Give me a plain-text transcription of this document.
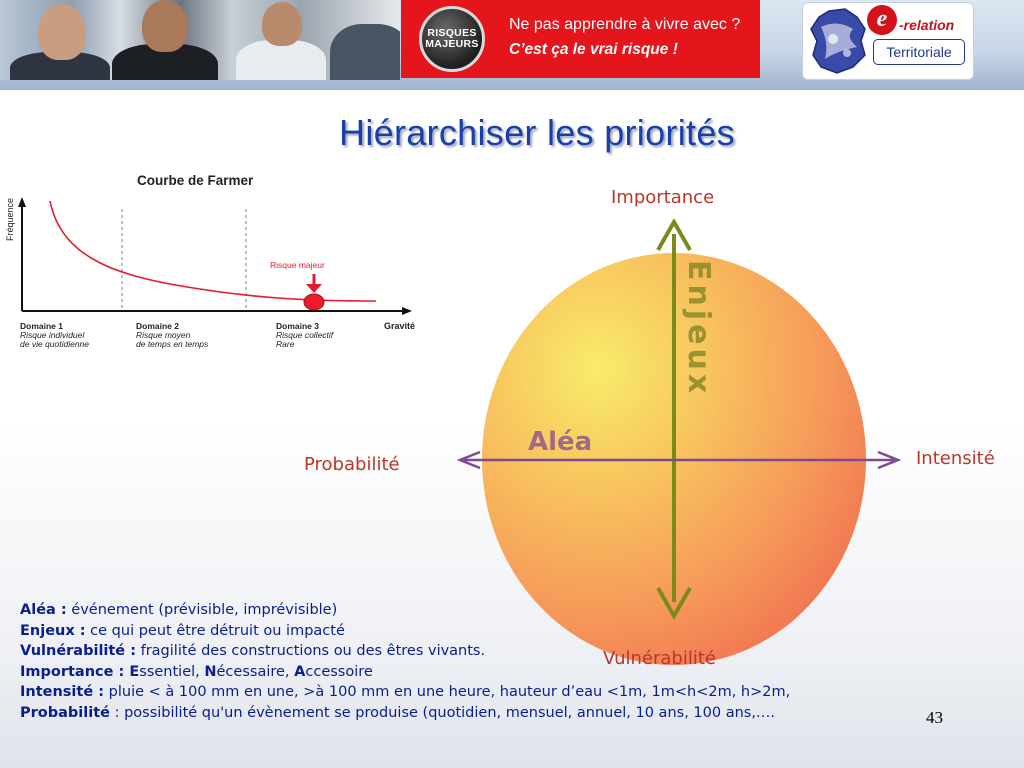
RISQUES
MAJEURS
Ne pas apprendre à vivre avec ?
C’est ça le vrai risque !
e -relation
Territoriale
Hiérarchiser les priorités
Courbe de Farmer
Fréquence
Risque majeur
Gravité
Domaine 1
Risque individuel
de vie quotidienne
Domaine 2
Risque moyen
de temps en temps
Domaine 3
Risque collectif
Rare
Aléa
Enjeux
Importance
Vulnérabilité
Probabilité	Intensité
Aléa : événement (prévisible, imprévisible)
Enjeux : ce qui peut être détruit ou impacté
Vulnérabilité : fragilité des constructions ou des êtres vivants.
Importance : Essentiel, Nécessaire, Accessoire
Intensité : pluie < à 100 mm en une, >à 100 mm en une heure, hauteur d’eau <1m, 1m<h<2m, h>2m,
Probabilité : possibilité qu'un évènement se produise (quotidien, mensuel, annuel, 10 ans, 100 ans,….	43
